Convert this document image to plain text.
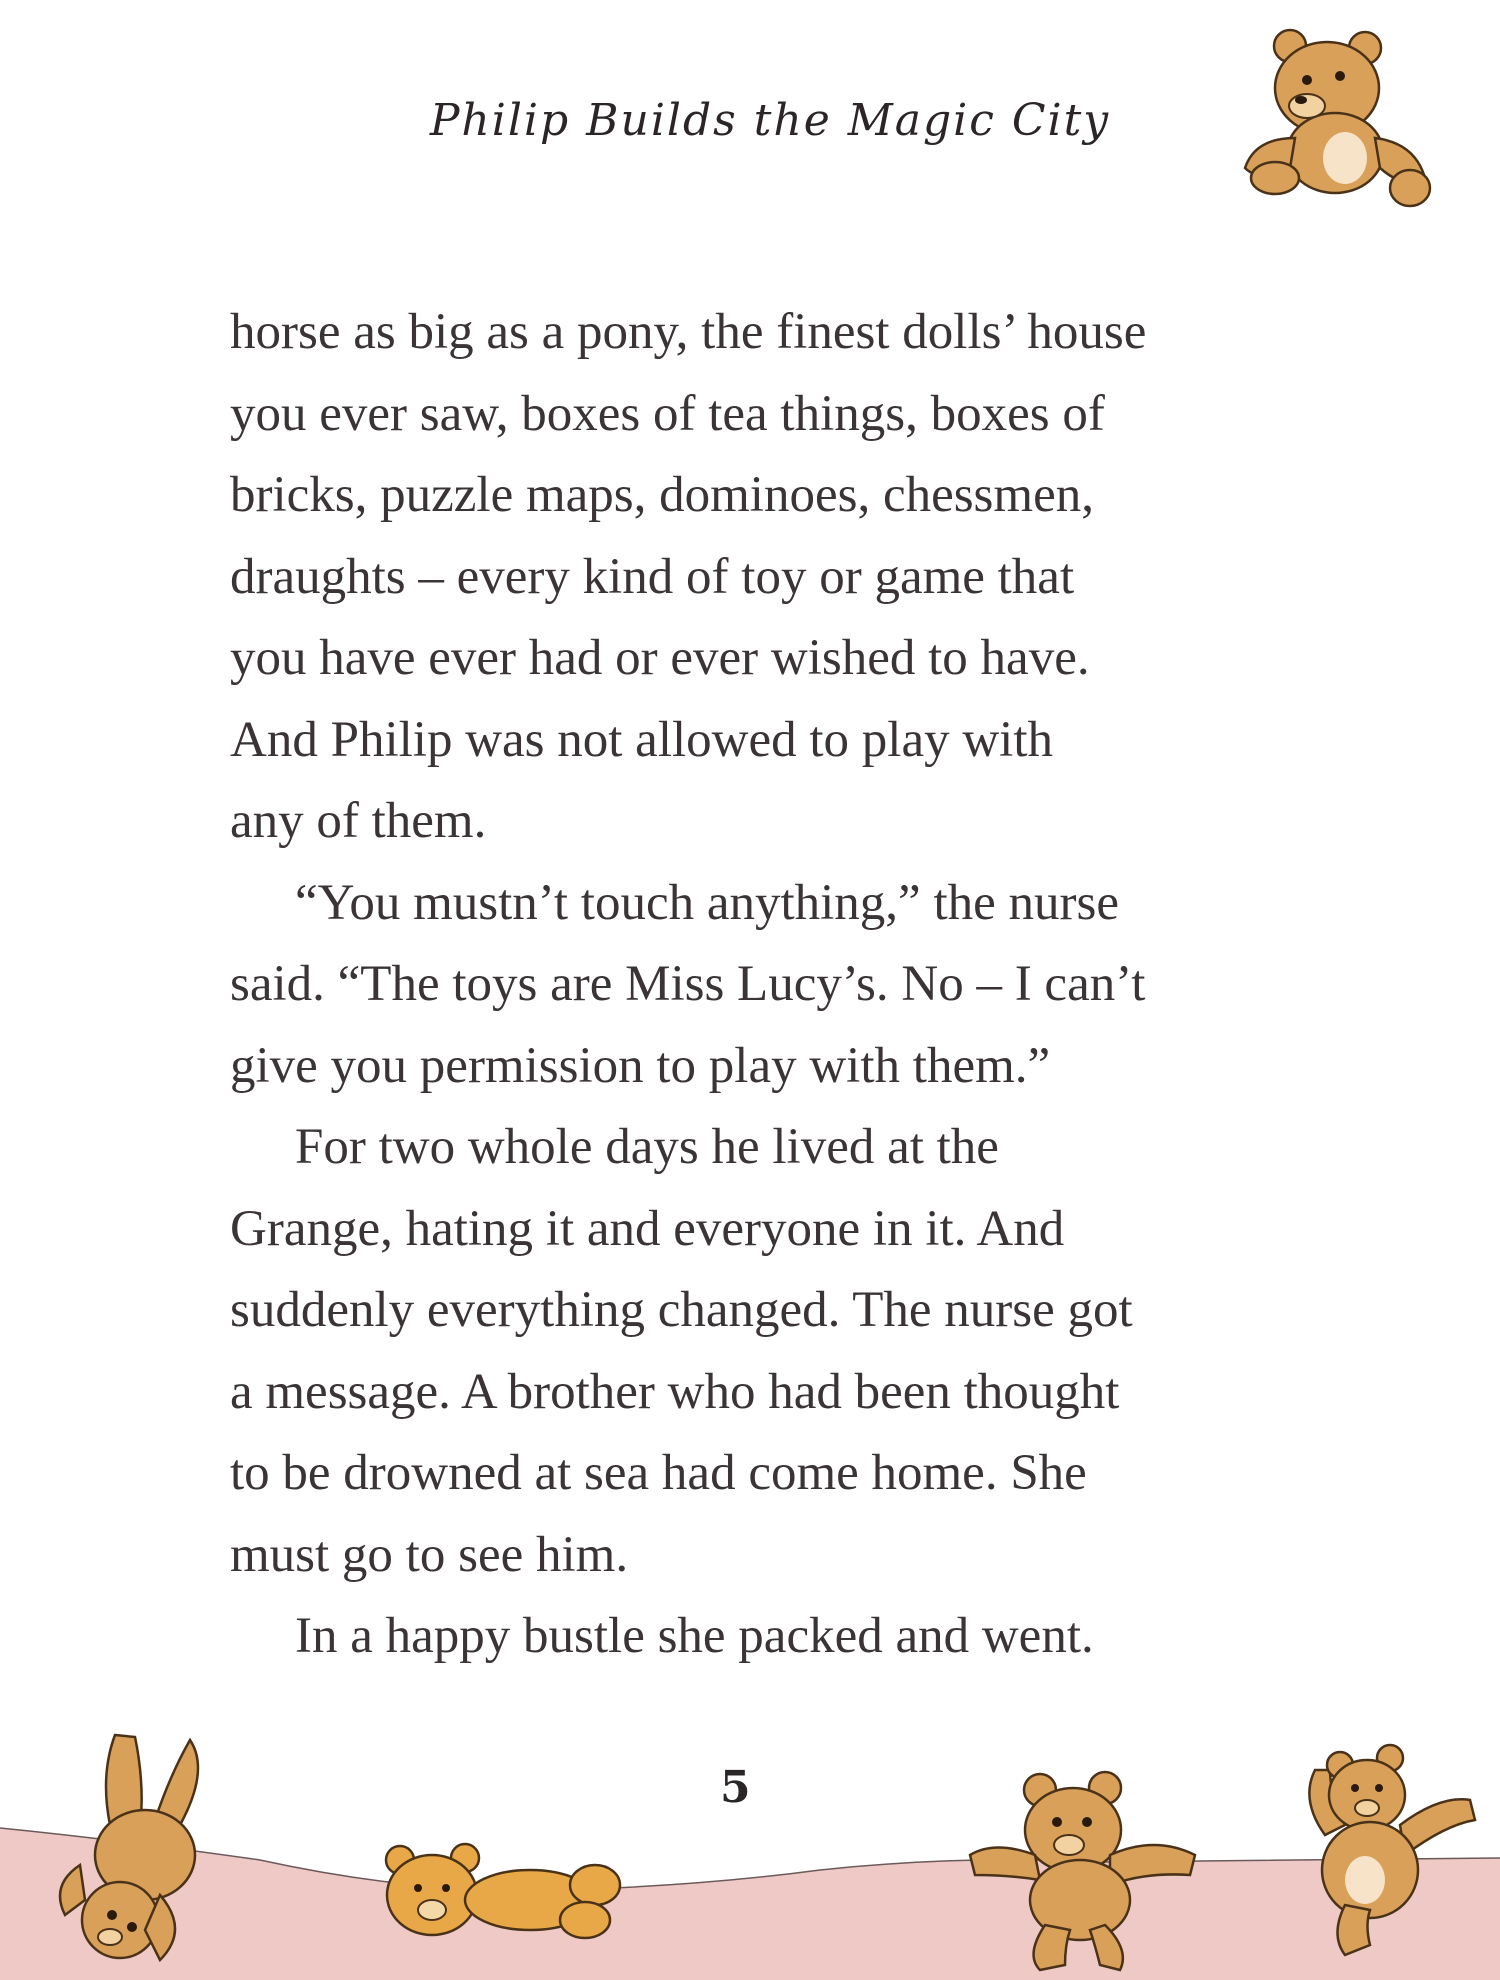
Philip Builds the Magic City
horse as big as a pony, the finest dolls’ house
you ever saw, boxes of tea things, boxes of
bricks, puzzle maps, dominoes, chessmen,
draughts – every kind of toy or game that
you have ever had or ever wished to have.
And Philip was not allowed to play with
any of them.
“You mustn’t touch anything,” the nurse
said. “The toys are Miss Lucy’s. No – I can’t
give you permission to play with them.”
For two whole days he lived at the
Grange, hating it and everyone in it. And
suddenly everything changed. The nurse got
a message. A brother who had been thought
to be drowned at sea had come home. She
must go to see him.
In a happy bustle she packed and went.
5
